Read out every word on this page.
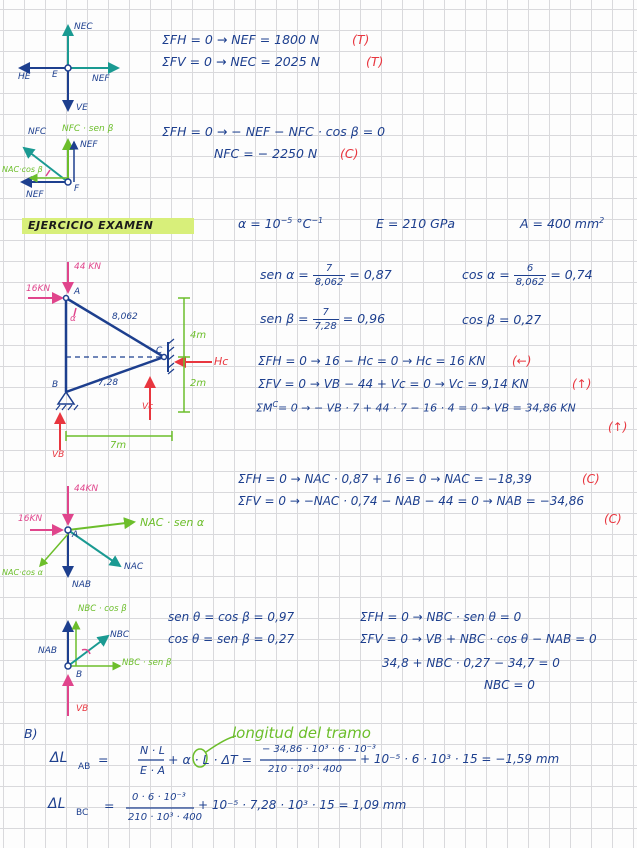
NEC
HE E	NEF
VE
ΣFH = 0 → NEF = 1800 N	(T)
ΣFV = 0 → NEC = 2025 N	(T)
NFC NFC · sen β
NEF
NAC·cos β
NEF
F
ΣFH = 0 → − NEF − NFC · cos β = 0
NFC = − 2250 N (C)
EJERCICIO EXAMEN	$\alpha = 10^{-5}$ $^\circ C^{-1}$	E = 210 GPa	A = 400 $mm^2$
44 KN
16KN	A
α	8,062
4m
C
Hc
7,28
B	2m
Vc
7m
VB
sen $\alpha = \frac{7}{8,062} = 0,87$	$\cos \alpha = \frac{6}{8,062} = 0,74$
sen $\beta = \frac{7}{7,28} = 0,96$	cos β = 0,27
ΣFH = 0 → 16 − Hc = 0 → Hc = 16 KN (←)
ΣFV = 0 → VB − 44 + Vc = 0 → Vc = 9,14 KN	(↑)
$\Sigma M^C= 0$ → − VB · 7 + 44 · 7 − 16 · 4 = 0 → VB = 34,86 KN
(↑)
44KN
16KN
A
NAC · sen α
NAC·cos α
NAC
NAB
ΣFH = 0 → NAC · 0,87 + 16 = 0 → NAC = −18,39	(C)
ΣFV = 0 → −NAC · 0,74 − NAB − 44 = 0 → NAB = −34,86
(C)
NBC · cos β
NBC
NAB
NBC · sen β
B
VB
sen θ = cos β = 0,97
cos θ = sen β = 0,27
ΣFH = 0 → NBC · sen θ = 0
ΣFV = 0 → VB + NBC · cos θ − NAB = 0
34,8 + NBC · 0,27 − 34,7 = 0
NBC = 0
B)	longitud del tramo
ΔL
AB =
N · L
E · A
+ α · L · ΔT =
− 34,86 · 10³ · 6 · 10⁻³
210 · 10³ · 400
+ 10⁻⁵ · 6 · 10³ · 15 = −1,59 mm
ΔL
BC =
0 · 6 · 10⁻³
210 · 10³ · 400
+ 10⁻⁵ · 7,28 · 10³ · 15 = 1,09 mm
